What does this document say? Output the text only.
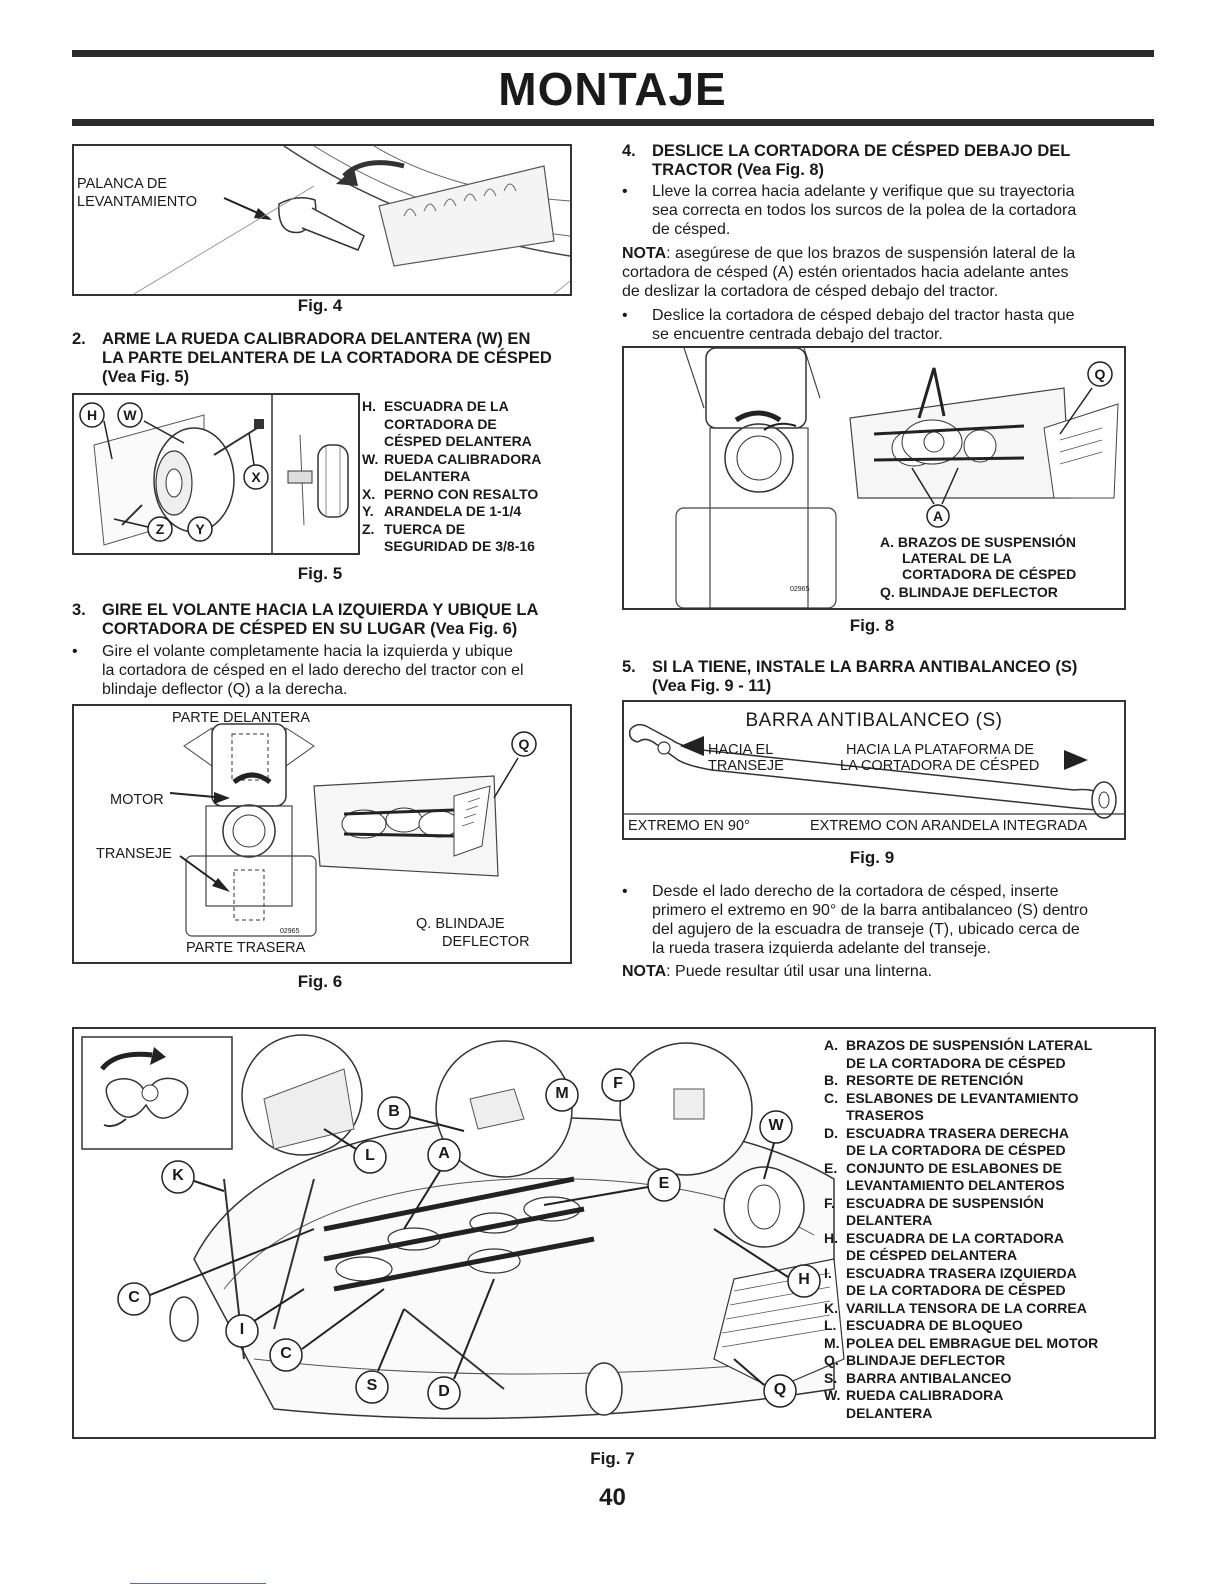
MONTAJE
PALANCA DE
LEVANTAMIENTO
Fig. 4
2. ARME LA RUEDA CALIBRADORA DELANTERA (W) EN
LA PARTE DELANTERA DE LA CORTADORA DE CÉSPED
(Vea Fig. 5)
H W
X
Z Y
H. ESCUADRA DE LA
CORTADORA DE
CÉSPED DELANTERA
W. RUEDA CALIBRADORA
DELANTERA
X. PERNO CON RESALTO
Y. ARANDELA DE 1-1/4
Z. TUERCA DE
SEGURIDAD DE 3/8-16
Fig. 5
3. GIRE EL VOLANTE HACIA LA IZQUIERDA Y UBIQUE LA
CORTADORA DE CÉSPED EN SU LUGAR (Vea Fig. 6)
• Gire el volante completamente hacia la izquierda y ubique
la cortadora de césped en el lado derecho del tractor con el
blindaje deflector (Q) a la derecha.
PARTE DELANTERA
MOTOR
TRANSEJE
PARTE TRASERA
Q. BLINDAJE
DEFLECTOR
Q
02965
Fig. 6
4. DESLICE LA CORTADORA DE CÉSPED DEBAJO DEL
TRACTOR (Vea Fig. 8)
• Lleve la correa hacia adelante y verifique que su trayectoria
sea correcta en todos los surcos de la polea de la cortadora
de césped.
NOTA: asegúrese de que los brazos de suspensión lateral de la
cortadora de césped (A) estén orientados hacia adelante antes
de deslizar la cortadora de césped debajo del tractor.
• Deslice la cortadora de césped debajo del tractor hasta que
se encuentre centrada debajo del tractor.
Q
A
A. BRAZOS DE SUSPENSIÓN
LATERAL DE LA
CORTADORA DE CÉSPED
Q. BLINDAJE DEFLECTOR
02965
Fig. 8
5. SI LA TIENE, INSTALE LA BARRA ANTIBALANCEO (S)
(Vea Fig. 9 - 11)
BARRA ANTIBALANCEO (S)
HACIA EL
TRANSEJE
HACIA LA PLATAFORMA DE
LA CORTADORA DE CÉSPED
EXTREMO EN 90°	EXTREMO CON ARANDELA INTEGRADA
Fig. 9
• Desde el lado derecho de la cortadora de césped, inserte
primero el extremo en 90° de la barra antibalanceo (S) dentro
del agujero de la escuadra de transeje (T), ubicado cerca de
la rueda trasera izquierda adelante del transeje.
NOTA: Puede resultar útil usar una linterna.
B
M
F
W
K
L	A
E
H
C
I
C
S	D	Q
A. BRAZOS DE SUSPENSIÓN LATERAL
DE LA CORTADORA DE CÉSPED
B. RESORTE DE RETENCIÓN
C. ESLABONES DE LEVANTAMIENTO
TRASEROS
D. ESCUADRA TRASERA DERECHA
DE LA CORTADORA DE CÉSPED
E. CONJUNTO DE ESLABONES DE
LEVANTAMIENTO DELANTEROS
F. ESCUADRA DE SUSPENSIÓN
DELANTERA
H. ESCUADRA DE LA CORTADORA
DE CÉSPED DELANTERA
I. ESCUADRA TRASERA IZQUIERDA
DE LA CORTADORA DE CÉSPED
K. VARILLA TENSORA DE LA CORREA
L. ESCUADRA DE BLOQUEO
M. POLEA DEL EMBRAGUE DEL MOTOR
Q. BLINDAJE DEFLECTOR
S. BARRA ANTIBALANCEO
W. RUEDA CALIBRADORA
DELANTERA
Fig. 7
40
